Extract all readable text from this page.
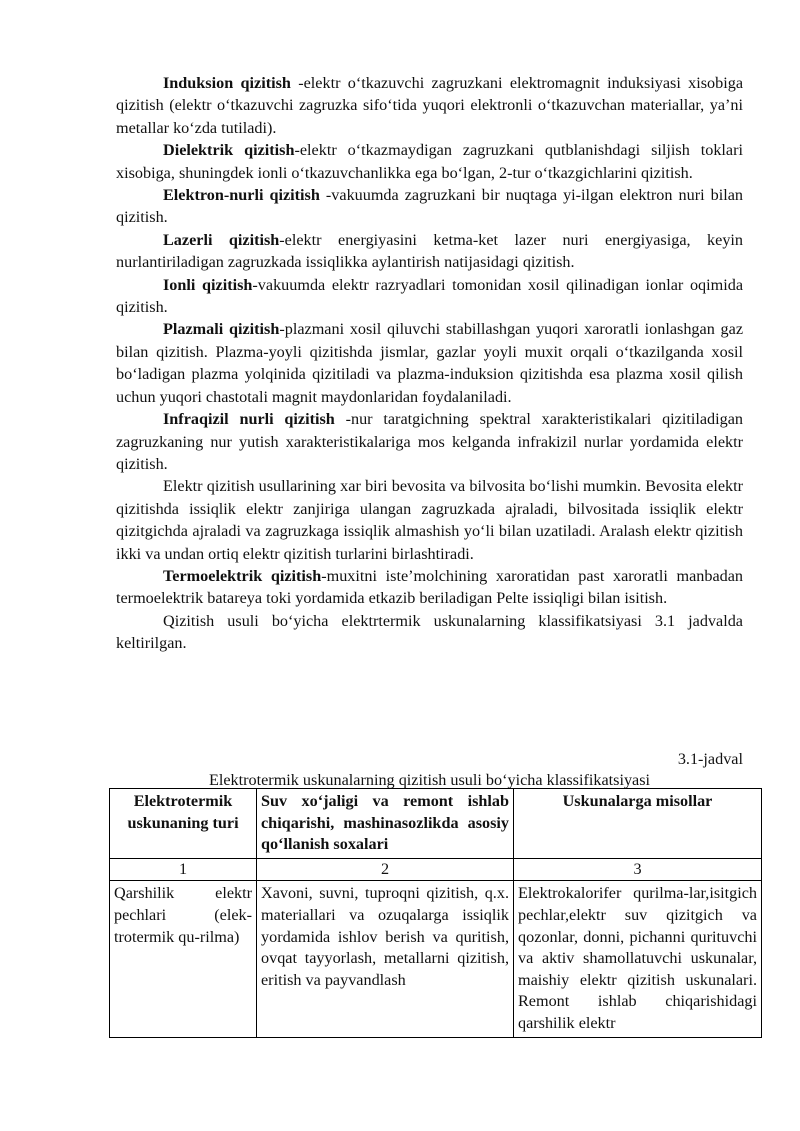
Induksion qizitish -elektr o‘tkazuvchi zagruzkani elektromagnit induksiyasi xisobiga qizitish (elektr o‘tkazuvchi zagruzka sifo‘tida yuqori elektronli o‘tkazuvchan materiallar, ya’ni metallar ko‘zda tutiladi).

Dielektrik qizitish-elektr o‘tkazmaydigan zagruzkani qutblanishdagi siljish toklari xisobiga, shuningdek ionli o‘tkazuvchanlikka ega bo‘lgan, 2-tur o‘tkazgichlarini qizitish.

Elektron-nurli qizitish -vakuumda zagruzkani bir nuqtaga yi-ilgan elektron nuri bilan qizitish.

Lazerli qizitish-elektr energiyasini ketma-ket lazer nuri energiyasiga, keyin nurlantiriladigan zagruzkada issiqlikka aylantirish natijasidagi qizitish.

Ionli qizitish-vakuumda elektr razryadlari tomonidan xosil qilinadigan ionlar oqimida qizitish.

Plazmali qizitish-plazmani xosil qiluvchi stabillashgan yuqori xaroratli ionlashgan gaz bilan qizitish. Plazma-yoyli qizitishda jismlar, gazlar yoyli muxit orqali o‘tkazilganda xosil bo‘ladigan plazma yolqinida qizitiladi va plazma-induksion qizitishda esa plazma xosil qilish uchun yuqori chastotali magnit maydonlaridan foydalaniladi.

Infraqizil nurli qizitish -nur taratgichning spektral xarakteristikalari qizitiladigan zagruzkaning nur yutish xarakteristikalariga mos kelganda infrakizil nurlar yordamida elektr qizitish.

Elektr qizitish usullarining xar biri bevosita va bilvosita bo‘lishi mumkin. Bevosita elektr qizitishda issiqlik elektr zanjiriga ulangan zagruzkada ajraladi, bilvositada issiqlik elektr qizitgichda ajraladi va zagruzkaga issiqlik almashish yo‘li bilan uzatiladi. Aralash elektr qizitish ikki va undan ortiq elektr qizitish turlarini birlashtiradi.

Termoelektrik qizitish-muxitni iste’molchining xaroratidan past xaroratli manbadan termoelektrik batareya toki yordamida etkazib beriladigan Pelte issiqligi bilan isitish.

Qizitish usuli bo‘yicha elektrtermik uskunalarning klassifikatsiyasi 3.1 jadvalda keltirilgan.

3.1-jadval
Elektrotermik uskunalarning qizitish usuli bo‘yicha klassifikatsiyasi
Elektrotermik uskunaning turi	Suv xo‘jaligi va remont ishlab chiqarishi, mashinasozlikda asosiy qo‘llanish soxalari	Uskunalarga misollar
1	2	3
Qarshilik elektr pechlari (elek-trotermik qu-rilma)	Xavoni, suvni, tuproqni qizitish, q.x. materiallari va ozuqalarga issiqlik yordamida ishlov berish va quritish, ovqat tayyorlash, metallarni qizitish, eritish va payvandlash	Elektrokalorifer qurilma-lar,isitgich pechlar,elektr suv qizitgich va qozonlar, donni, pichanni qurituvchi va aktiv shamollatuvchi uskunalar, maishiy elektr qizitish uskunalari. Remont ishlab chiqarishidagi qarshilik elektr
